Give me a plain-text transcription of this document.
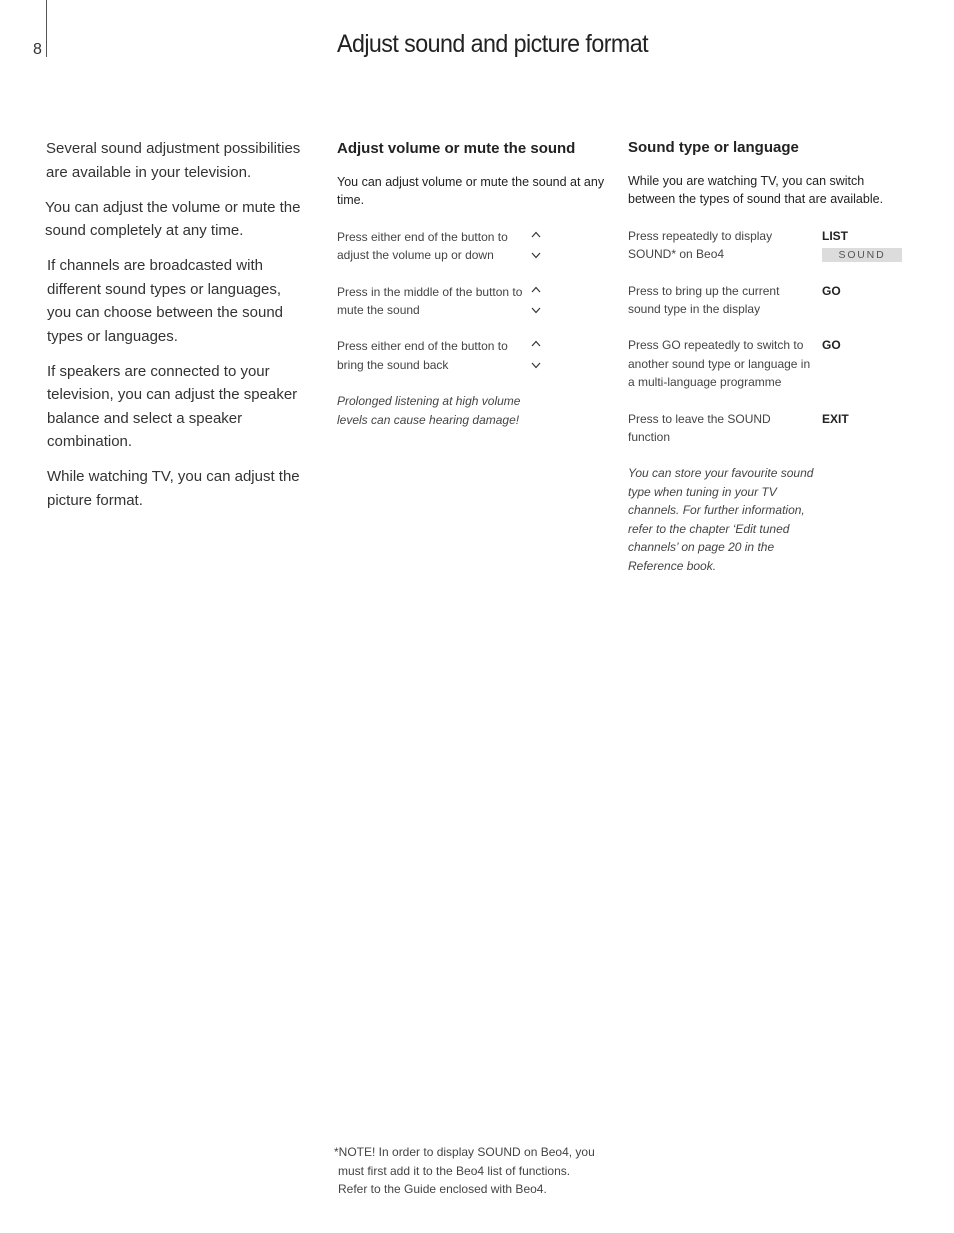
8	Adjust sound and picture format

Several sound adjustment possibilities are available in your television.

You can adjust the volume or mute the sound completely at any time.

If channels are broadcasted with different sound types or languages, you can choose between the sound types or languages.

If speakers are connected to your television, you can adjust the speaker balance and select a speaker combination.

While watching TV, you can adjust the picture format.

Adjust volume or mute the sound

You can adjust volume or mute the sound at any time.

Press either end of the button to adjust the volume up or down
Press in the middle of the button to mute the sound
Press either end of the button to bring the sound back

Prolonged listening at high volume levels can cause hearing damage!

Sound type or language

While you are watching TV, you can switch between the types of sound that are available.

Press repeatedly to display SOUND* on Beo4
LIST
SOUND
Press to bring up the current sound type in the display
GO
Press GO repeatedly to switch to another sound type or language in a multi-language programme
GO
Press to leave the SOUND function
EXIT

You can store your favourite sound type when tuning in your TV channels. For further information, refer to the chapter ‘Edit tuned channels’ on page 20 in the Reference book.

*NOTE! In order to display SOUND on Beo4, you
must first add it to the Beo4 list of functions.
Refer to the Guide enclosed with Beo4.
